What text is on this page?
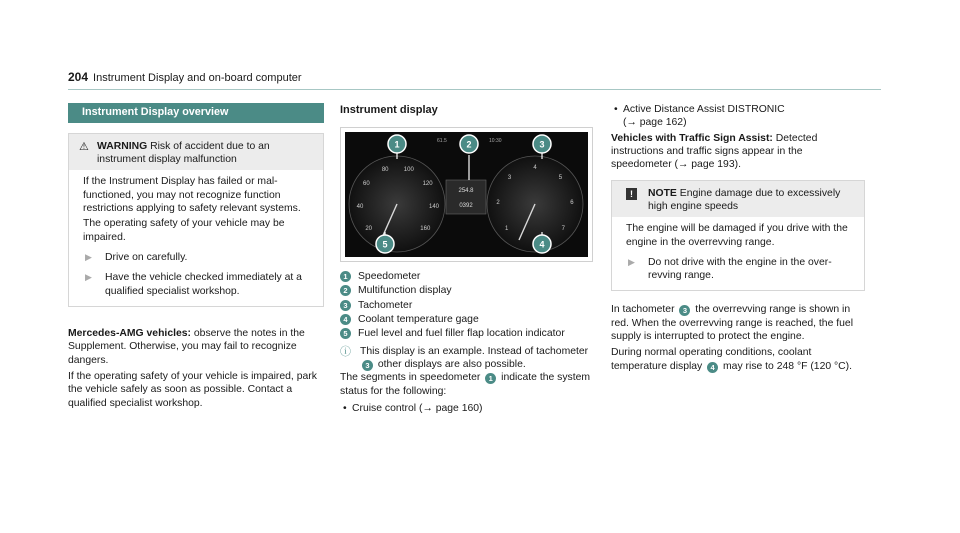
204 Instrument Display and on-board computer
Instrument Display overview
⚠ WARNING Risk of accident due to an instrument display malfunction

If the Instrument Display has failed or malfunctioned, you may not recognize function restrictions applying to safety relevant systems.

The operating safety of your vehicle may be impaired.

▶	Drive on carefully.
▶	Have the vehicle checked immediately at a qualified specialist workshop.

Mercedes-AMG vehicles: observe the notes in the Supplement. Otherwise, you may fail to recognize dangers.

If the operating safety of your vehicle is impaired, park the vehicle safely as soon as possible. Contact a qualified specialist workshop.

Instrument display
20
40
60
80	100
120
140
160	1
2
3
4
5
6
7
254.8
0392
61.5	10:30
1	2	3
4
5
1	Speedometer
2	Multifunction display
3	Tachometer
4	Coolant temperature gage
5	Fuel level and fuel filler flap location indicator
ⓘ This display is an example. Instead of tachometer 3 other displays are also possible.

The segments in speedometer 1 indicate the system status for the following:

• Cruise control (→ page 160)
• Active Distance Assist DISTRONIC
(→ page 162)

Vehicles with Traffic Sign Assist: Detected instructions and traffic signs appear in the speedometer (→ page 193).

!	NOTE Engine damage due to excessively high engine speeds

The engine will be damaged if you drive with the engine in the overrevving range.

▶	Do not drive with the engine in the overrevving range.

In tachometer 3 the overrevving range is shown in red. When the overrevving range is reached, the fuel supply is interrupted to protect the engine.

During normal operating conditions, coolant temperature display 4 may rise to 248 °F (120 °C).
